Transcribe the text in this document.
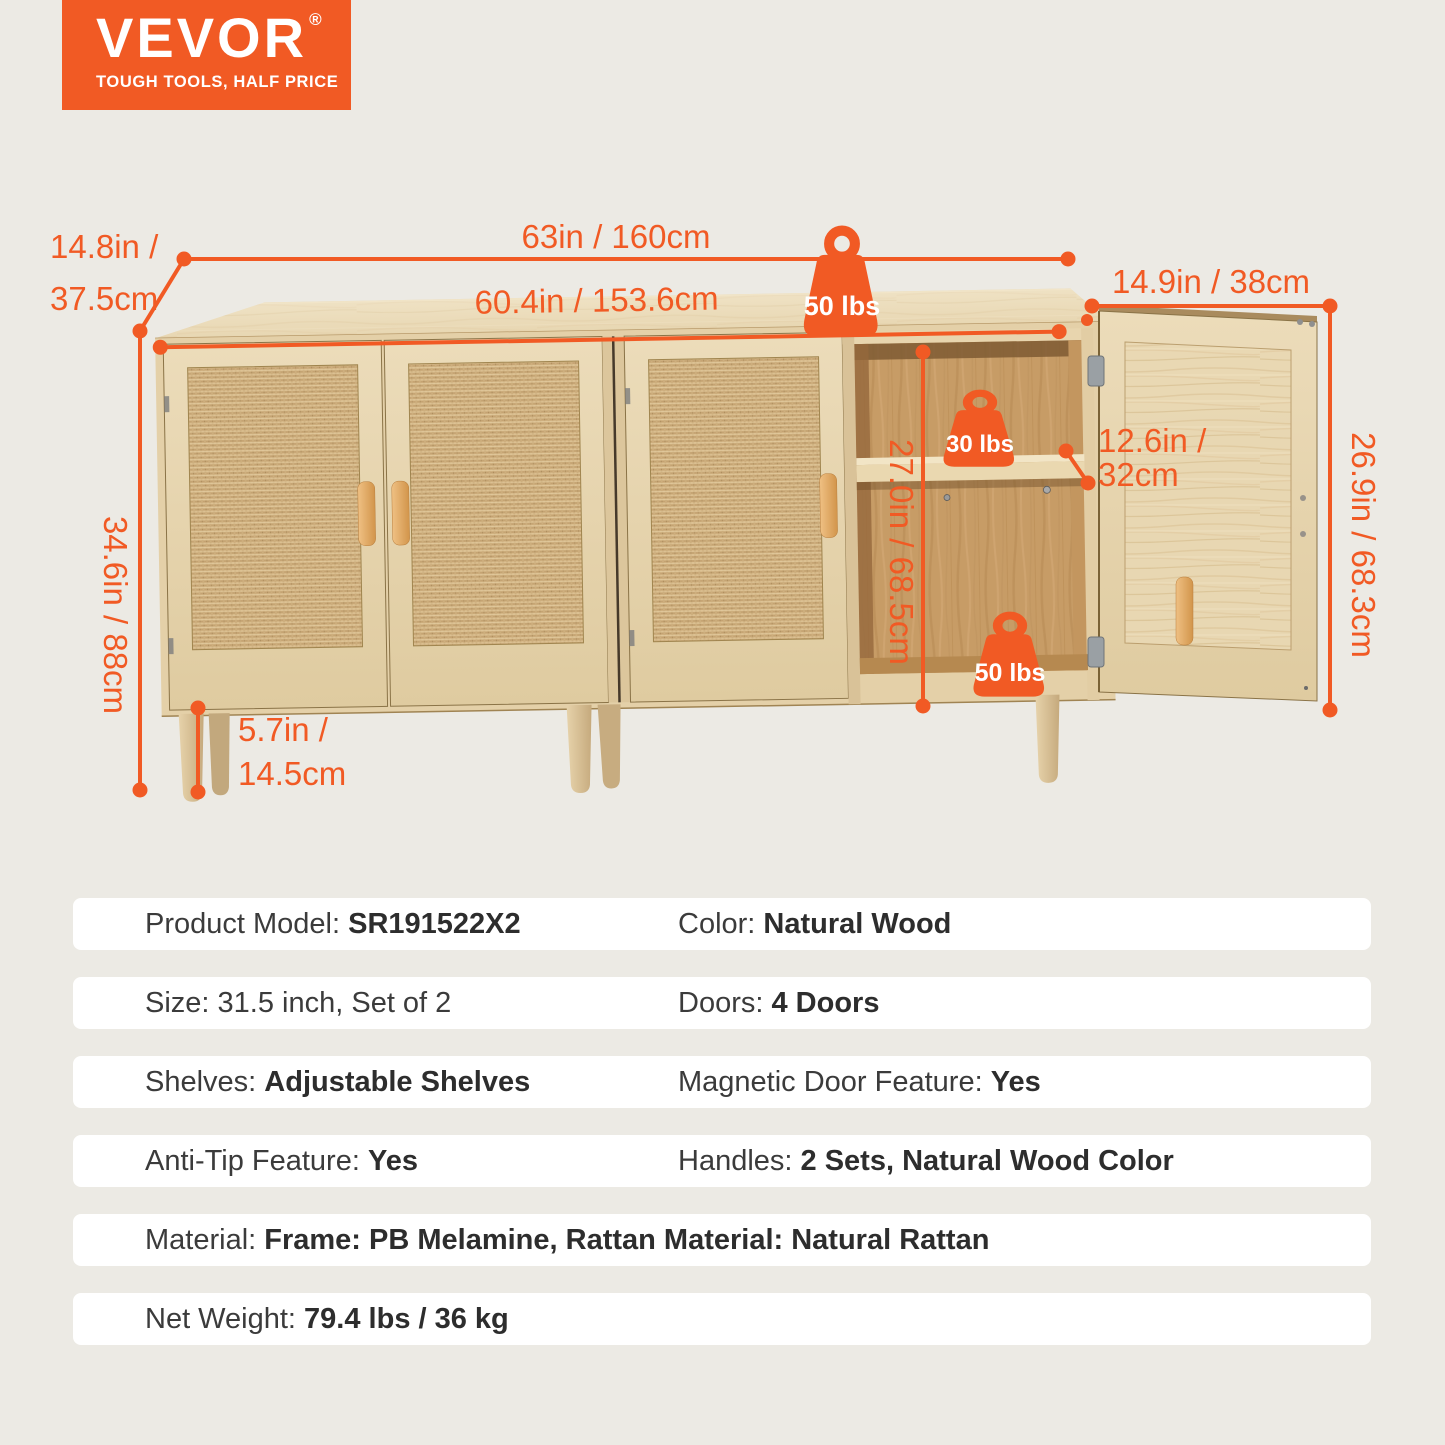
60.4in / 153.6cm
14.8in /
37.5cm
63in / 160cm
14.9in / 38cm
34.6in / 88cm	27.0in / 68.5cm	26.9in / 68.3cm
12.6in /
32cm
5.7in /
14.5cm
50 lbs
30 lbs
50 lbs
VEVOR ®
TOUGH TOOLS, HALF PRICE
Product Model: SR191522X2	Color: Natural Wood
Size: 31.5 inch, Set of 2	Doors: 4 Doors
Shelves: Adjustable Shelves	Magnetic Door Feature: Yes
Anti-Tip Feature: Yes	Handles: 2 Sets, Natural Wood Color
Material: Frame: PB Melamine, Rattan Material: Natural Rattan
Net Weight: 79.4 lbs / 36 kg
